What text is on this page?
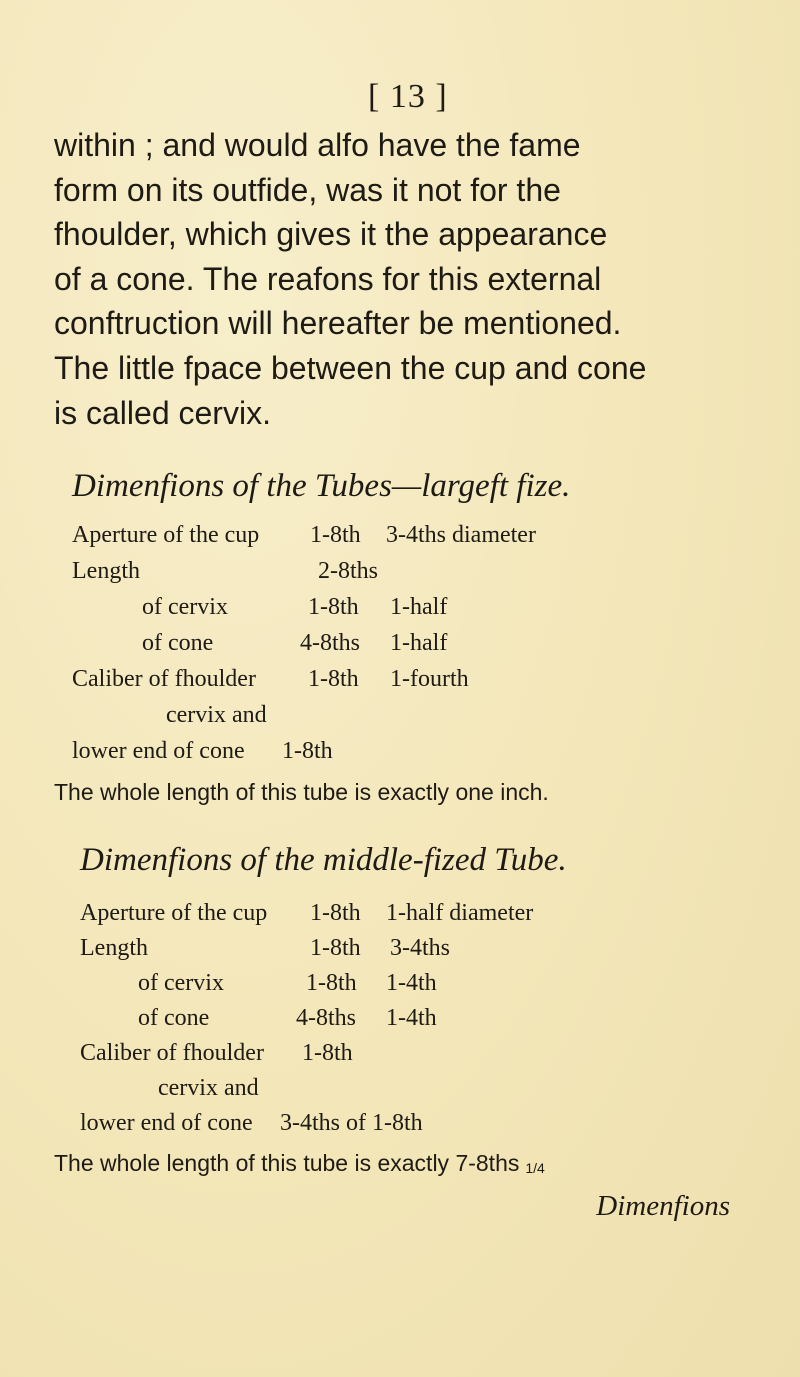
[ 13 ]
within ; and would alfo have the fame
form on its outfide, was it not for the
fhoulder, which gives it the appearance
of a cone. The reafons for this external
conftruction will hereafter be mentioned.
The little fpace between the cup and cone
is called cervix.
Dimenfions of the Tubes—largeft fize.
Aperture of the cup 1-8th 3-4ths diameter
Length	2-8ths
of cervix	1-8th 1-half
of cone	4-8ths 1-half
Caliber of fhoulder 1-8th 1-fourth
cervix and
lower end of cone 1-8th
The whole length of this tube is exactly one inch.
Dimenfions of the middle-fized Tube.
Aperture of the cup 1-8th 1-half diameter
Length	1-8th 3-4ths
of cervix	1-8th 1-4th
of cone	4-8ths 1-4th
Caliber of fhoulder 1-8th
cervix and
lower end of cone 3-4ths of 1-8th
The whole length of this tube is exactly 7-8ths 1/4
Dimenfions
